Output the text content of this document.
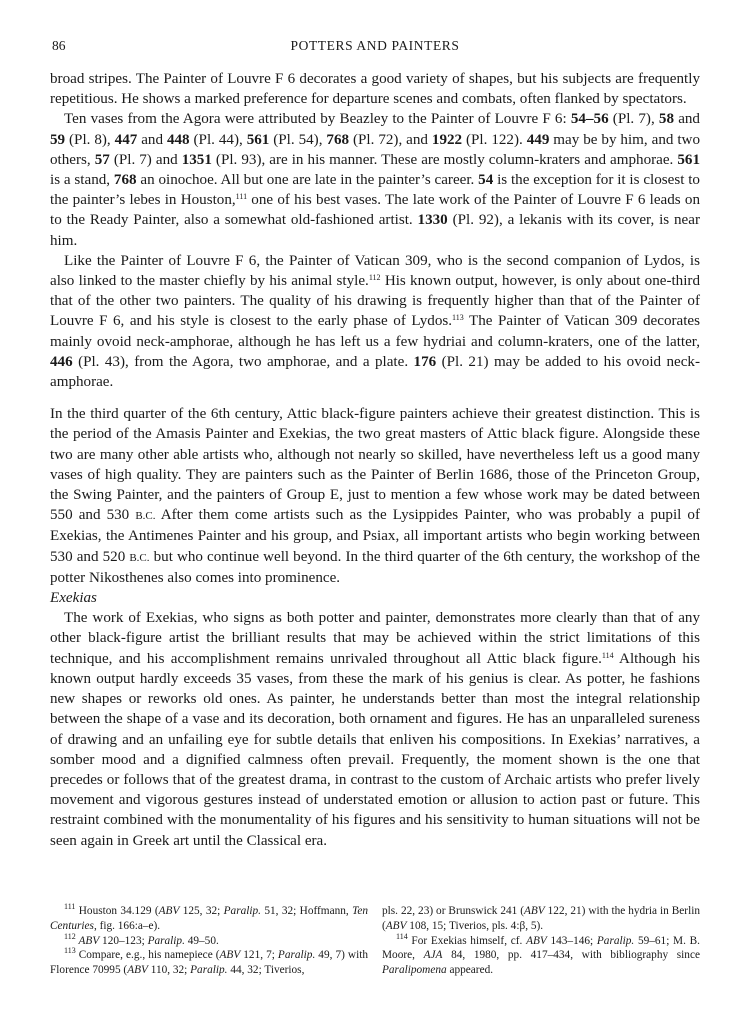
86	POTTERS AND PAINTERS

broad stripes. The Painter of Louvre F 6 decorates a good variety of shapes, but his subjects are frequently repetitious. He shows a marked preference for departure scenes and combats, often flanked by spectators.

Ten vases from the Agora were attributed by Beazley to the Painter of Louvre F 6: 54–56 (Pl. 7), 58 and 59 (Pl. 8), 447 and 448 (Pl. 44), 561 (Pl. 54), 768 (Pl. 72), and 1922 (Pl. 122). 449 may be by him, and two others, 57 (Pl. 7) and 1351 (Pl. 93), are in his manner. These are mostly column-kraters and amphorae. 561 is a stand, 768 an oinochoe. All but one are late in the painter’s career. 54 is the exception for it is closest to the painter’s lebes in Houston,$^{111}$ one of his best vases. The late work of the Painter of Louvre F 6 leads on to the Ready Painter, also a somewhat old-fashioned artist. 1330 (Pl. 92), a lekanis with its cover, is near him.

Like the Painter of Louvre F 6, the Painter of Vatican 309, who is the second companion of Lydos, is also linked to the master chiefly by his animal style.$^{112}$ His known output, however, is only about one-third that of the other two painters. The quality of his drawing is frequently higher than that of the Painter of Louvre F 6, and his style is closest to the early phase of Lydos.$^{113}$ The Painter of Vatican 309 decorates mainly ovoid neck-amphorae, although he has left us a few hydriai and column-kraters, one of the latter, 446 (Pl. 43), from the Agora, two amphorae, and a plate. 176 (Pl. 21) may be added to his ovoid neck-amphorae.

In the third quarter of the 6th century, Attic black-figure painters achieve their greatest distinction. This is the period of the Amasis Painter and Exekias, the two great masters of Attic black figure. Alongside these two are many other able artists who, although not nearly so skilled, have nevertheless left us a good many vases of high quality. They are painters such as the Painter of Berlin 1686, those of the Princeton Group, the Swing Painter, and the painters of Group E, just to mention a few whose work may be dated between 550 and 530 B.C. After them come artists such as the Lysippides Painter, who was probably a pupil of Exekias, the Antimenes Painter and his group, and Psiax, all important artists who begin working between 530 and 520 B.C. but who continue well beyond. In the third quarter of the 6th century, the workshop of the potter Nikosthenes also comes into prominence.

Exekias

The work of Exekias, who signs as both potter and painter, demonstrates more clearly than that of any other black-figure artist the brilliant results that may be achieved within the strict limitations of this technique, and his accomplishment remains unrivaled throughout all Attic black figure.$^{114}$ Although his known output hardly exceeds 35 vases, from these the mark of his genius is clear. As potter, he fashions new shapes or reworks old ones. As painter, he understands better than most the integral relationship between the shape of a vase and its decoration, both ornament and figures. He has an unparalleled sureness of drawing and an unfailing eye for subtle details that enliven his compositions. In Exekias’ narratives, a somber mood and a dignified calmness often prevail. Frequently, the moment shown is the one that precedes or follows that of the greatest drama, in contrast to the custom of Archaic artists who prefer lively movement and vigorous gestures instead of understated emotion or allusion to action past or future. This restraint combined with the monumentality of his figures and his sensitivity to human situations will not be seen again in Greek art until the Classical era.

$^{111}$ Houston 34.129 (ABV 125, 32; Paralip. 51, 32; Hoffmann, Ten Centuries, fig. 166:a–e).

$^{112}$ ABV 120–123; Paralip. 49–50.

$^{113}$ Compare, e.g., his namepiece (ABV 121, 7; Paralip. 49, 7) with Florence 70995 (ABV 110, 32; Paralip. 44, 32; Tiverios,

pls. 22, 23) or Brunswick 241 (ABV 122, 21) with the hydria in Berlin (ABV 108, 15; Tiverios, pls. 4:β, 5).

$^{114}$ For Exekias himself, cf. ABV 143–146; Paralip. 59–61; M. B. Moore, AJA 84, 1980, pp. 417–434, with bibliography since Paralipomena appeared.
